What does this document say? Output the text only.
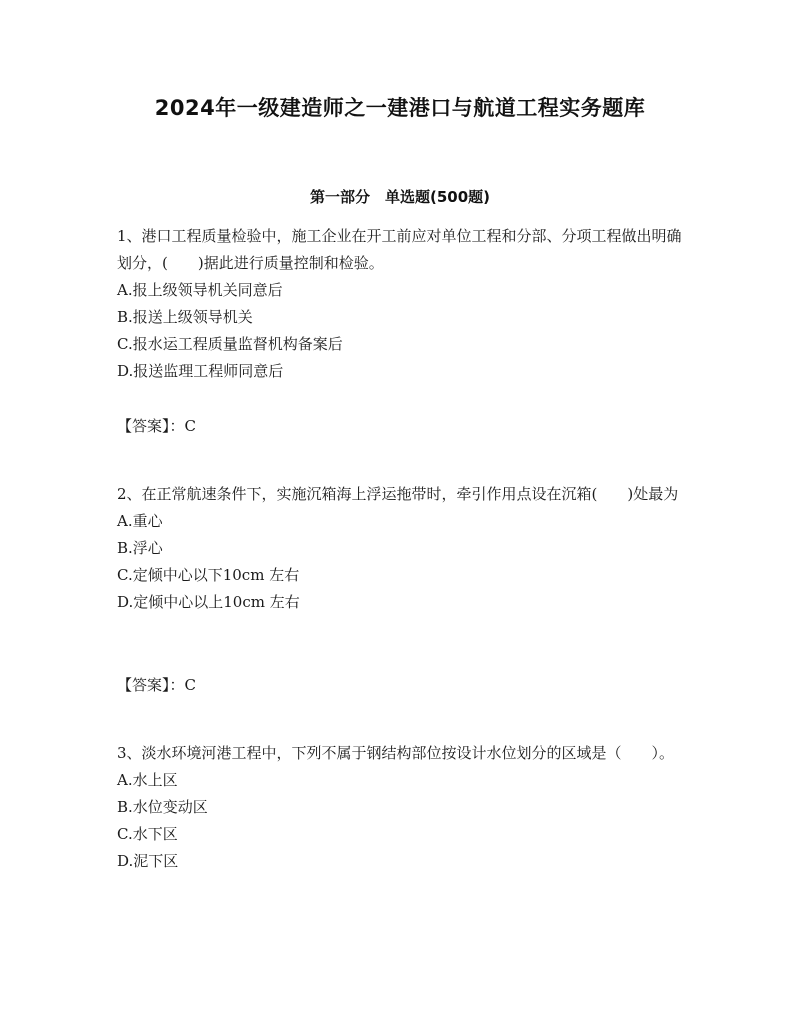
2024年一级建造师之一建港口与航道工程实务题库
第一部分　单选题(500题)
1、港口工程质量检验中，施工企业在开工前应对单位工程和分部、分项工程做出明确划分，(　　)据此进行质量控制和检验。
A.报上级领导机关同意后
B.报送上级领导机关
C.报水运工程质量监督机构备案后
D.报送监理工程师同意后
【答案】：C
2、在正常航速条件下，实施沉箱海上浮运拖带时，牵引作用点设在沉箱(　　)处最为
A.重心
B.浮心
C.定倾中心以下10cm 左右
D.定倾中心以上10cm 左右
【答案】：C
3、淡水环境河港工程中，下列不属于钢结构部位按设计水位划分的区域是（　　）。
A.水上区
B.水位变动区
C.水下区
D.泥下区
